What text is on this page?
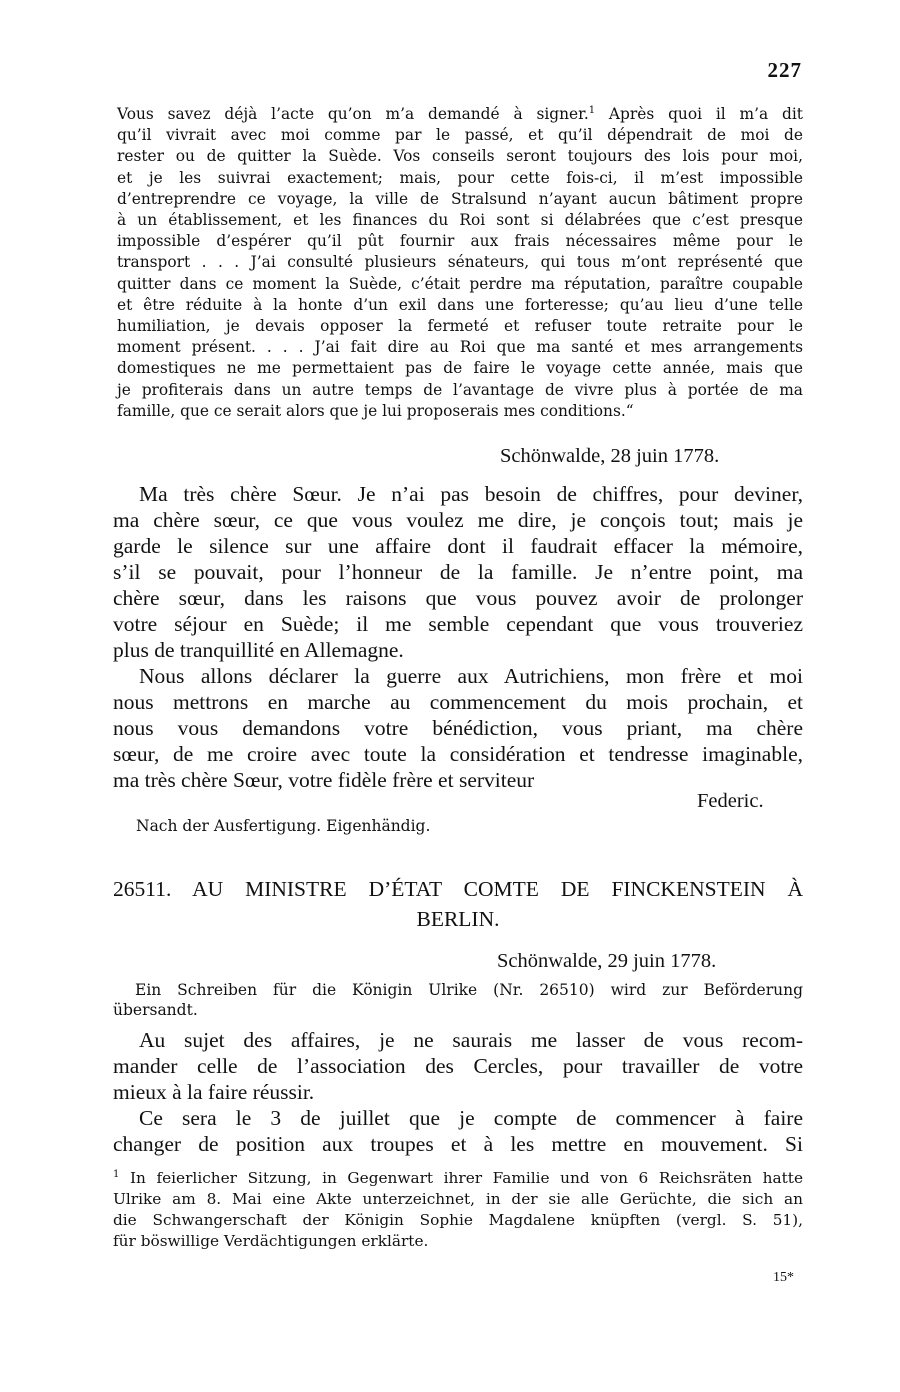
227
Vous savez déjà l’acte qu’on m’a demandé à signer.$^1$ Après quoi il m’a dit
qu’il vivrait avec moi comme par le passé, et qu’il dépendrait de moi de
rester ou de quitter la Suède. Vos conseils seront toujours des lois pour moi,
et je les suivrai exactement; mais, pour cette fois-ci, il m’est impossible
d’entreprendre ce voyage, la ville de Stralsund n’ayant aucun bâtiment propre
à un établissement, et les finances du Roi sont si délabrées que c’est presque
impossible d’espérer qu’il pût fournir aux frais nécessaires même pour le
transport . . . J’ai consulté plusieurs sénateurs, qui tous m’ont représenté que
quitter dans ce moment la Suède, c’était perdre ma réputation, paraître coupable
et être réduite à la honte d’un exil dans une forteresse; qu’au lieu d’une telle
humiliation, je devais opposer la fermeté et refuser toute retraite pour le
moment présent. . . . J’ai fait dire au Roi que ma santé et mes arrangements
domestiques ne me permettaient pas de faire le voyage cette année, mais que
je profiterais dans un autre temps de l’avantage de vivre plus à portée de ma
famille, que ce serait alors que je lui proposerais mes conditions.“
Schönwalde, 28 juin 1778.
Ma très chère Sœur. Je n’ai pas besoin de chiffres, pour deviner,
ma chère sœur, ce que vous voulez me dire, je conçois tout; mais je
garde le silence sur une affaire dont il faudrait effacer la mémoire,
s’il se pouvait, pour l’honneur de la famille. Je n’entre point, ma
chère sœur, dans les raisons que vous pouvez avoir de prolonger
votre séjour en Suède; il me semble cependant que vous trouveriez
plus de tranquillité en Allemagne.
Nous allons déclarer la guerre aux Autrichiens, mon frère et moi
nous mettrons en marche au commencement du mois prochain, et
nous vous demandons votre bénédiction, vous priant, ma chère
sœur, de me croire avec toute la considération et tendresse imaginable,
ma très chère Sœur, votre fidèle frère et serviteur
Federic.
Nach der Ausfertigung. Eigenhändig.
26511. AU MINISTRE D’ÉTAT COMTE DE FINCKENSTEIN À
BERLIN.
Schönwalde, 29 juin 1778.
Ein Schreiben für die Königin Ulrike (Nr. 26510) wird zur Beförderung
übersandt.
Au sujet des affaires, je ne saurais me lasser de vous recom-
mander celle de l’association des Cercles, pour travailler de votre
mieux à la faire réussir.
Ce sera le 3 de juillet que je compte de commencer à faire
changer de position aux troupes et à les mettre en mouvement. Si
$^1$ In feierlicher Sitzung, in Gegenwart ihrer Familie und von 6 Reichsräten hatte
Ulrike am 8. Mai eine Akte unterzeichnet, in der sie alle Gerüchte, die sich an
die Schwangerschaft der Königin Sophie Magdalene knüpften (vergl. S. 51),
für böswillige Verdächtigungen erklärte.
15*
